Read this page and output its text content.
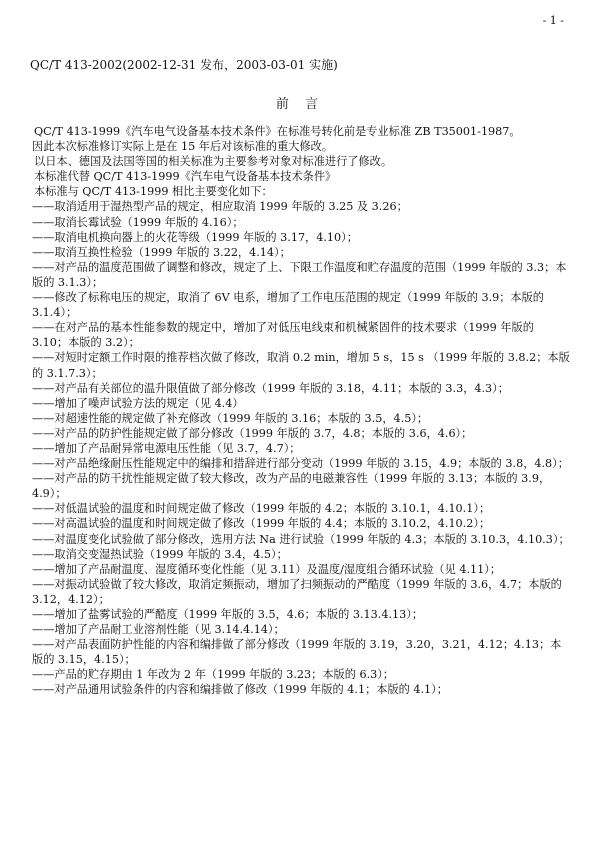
- 1 -
QC/T 413-2002(2002-12-31 发布，2003-03-01 实施)
前 言

QC/T 413-1999《汽车电气设备基本技术条件》在标准号转化前是专业标准 ZB T35001-1987。

因此本次标准修订实际上是在 15 年后对该标准的重大修改。

以日本、德国及法国等国的相关标准为主要参考对象对标准进行了修改。

本标准代替 QC/T 413-1999《汽车电气设备基本技术条件》

本标准与 QC/T 413-1999 相比主要变化如下：

——取消适用于湿热型产品的规定，相应取消 1999 年版的 3.25 及 3.26；

——取消长霉试验（1999 年版的 4.16）；

——取消电机换向器上的火花等级（1999 年版的 3.17，4.10）；

——取消互换性检验（1999 年版的 3.22，4.14）；

——对产品的温度范围做了调整和修改，规定了上、下限工作温度和贮存温度的范围（1999 年版的 3.3；本版的 3.1.3）；

——修改了标称电压的规定，取消了 6V 电系，增加了工作电压范围的规定（1999 年版的 3.9；本版的 3.1.4）；

——在对产品的基本性能参数的规定中，增加了对低压电线束和机械紧固件的技术要求（1999 年版的 3.10；本版的 3.2）；

——对短时定额工作时限的推荐档次做了修改，取消 0.2 min，增加 5 s，15 s （1999 年版的 3.8.2；本版的 3.1.7.3）；

——对产品有关部位的温升限值做了部分修改（1999 年版的 3.18，4.11；本版的 3.3，4.3）；

——增加了噪声试验方法的规定（见 4.4）

——对超速性能的规定做了补充修改（1999 年版的 3.16；本版的 3.5，4.5）；

——对产品的防护性能规定做了部分修改（1999 年版的 3.7，4.8；本版的 3.6，4.6）；

——增加了产品耐异常电源电压性能（见 3.7，4.7）；

——对产品绝缘耐压性能规定中的编排和措辞进行部分变动（1999 年版的 3.15，4.9；本版的 3.8，4.8）；

——对产品的防干扰性能规定做了较大修改，改为产品的电磁兼容性（1999 年版的 3.13；本版的 3.9，4.9）；

——对低温试验的温度和时间规定做了修改（1999 年版的 4.2；本版的 3.10.1，4.10.1）；

——对高温试验的温度和时间规定做了修改（1999 年版的 4.4；本版的 3.10.2，4.10.2）；

——对温度变化试验做了部分修改，选用方法 Na 进行试验（1999 年版的 4.3；本版的 3.10.3，4.10.3）；

——取消交变湿热试验（1999 年版的 3.4，4.5）；

——增加了产品耐温度、湿度循环变化性能（见 3.11）及温度/湿度组合循环试验（见 4.11）；

——对振动试验做了较大修改，取消定频振动，增加了扫频振动的严酷度（1999 年版的 3.6，4.7；本版的 3.12，4.12）；

——增加了盐雾试验的严酷度（1999 年版的 3.5，4.6；本版的 3.13.4.13）；

——增加了产品耐工业溶剂性能（见 3.14.4.14）；

——对产品表面防护性能的内容和编排做了部分修改（1999 年版的 3.19，3.20，3.21，4.12；4.13；本版的 3.15，4.15）；

——产品的贮存期由 1 年改为 2 年（1999 年版的 3.23；本版的 6.3）；

——对产品通用试验条件的内容和编排做了修改（1999 年版的 4.1；本版的 4.1）；
